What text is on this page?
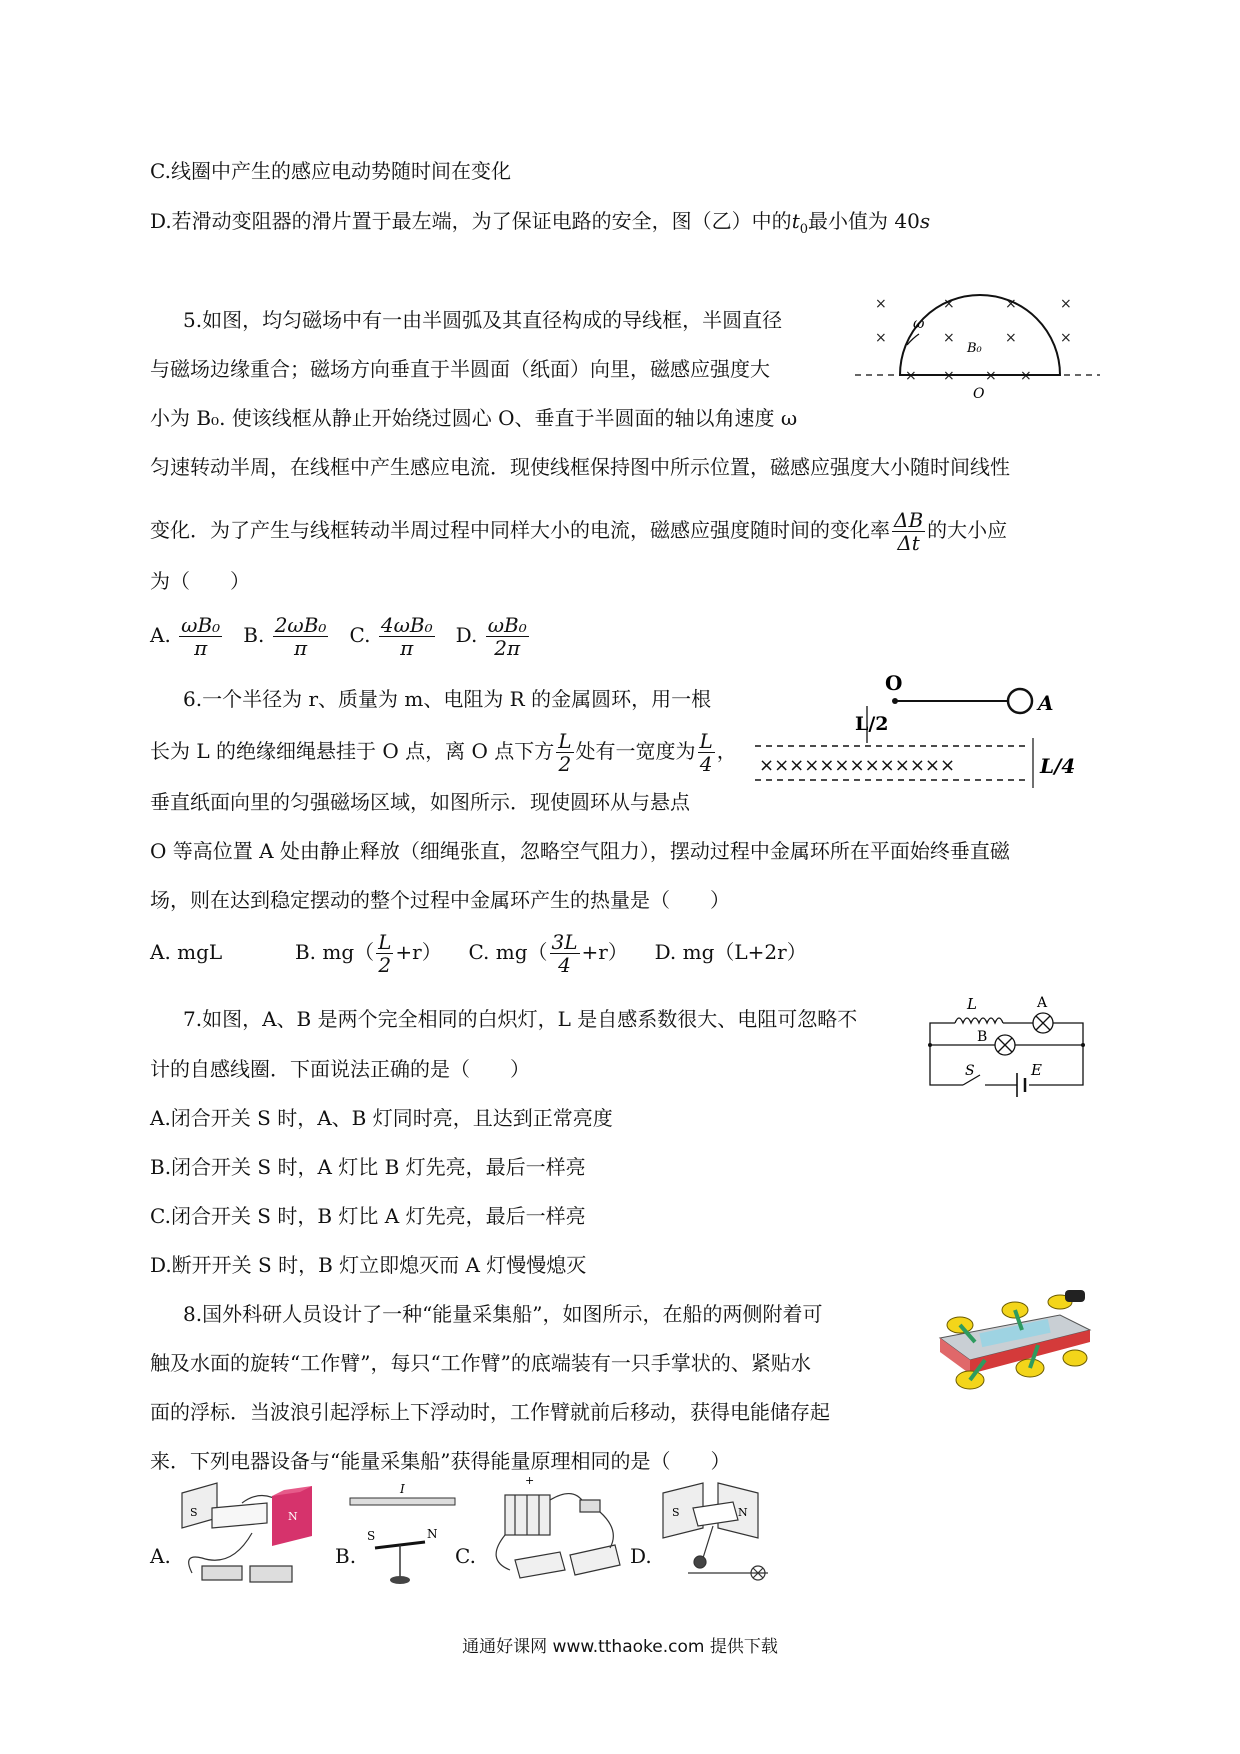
C.线圈中产生的感应电动势随时间在变化
D.若滑动变阻器的滑片置于最左端，为了保证电路的安全，图（乙）中的$t_0$最小值为 40s
5.如图，均匀磁场中有一由半圆弧及其直径构成的导线框，半圆直径
与磁场边缘重合；磁场方向垂直于半圆面（纸面）向里，磁感应强度大
小为 B₀. 使该线框从静止开始绕过圆心 O、垂直于半圆面的轴以角速度 ω
匀速转动半周，在线框中产生感应电流．现使线框保持图中所示位置，磁感应强度大小随时间线性
变化．为了产生与线框转动半周过程中同样大小的电流，磁感应强度随时间的变化率 $\frac{\Delta B}{\Delta t}$ 的大小应
为（　　）
A. $\frac{\text{ωB₀}}{\pi} B$. $\frac{\text{2ωB₀}}{\pi} C$. $\frac{\text{4ωB₀}}{\pi} D$. $\frac{\text{ωB₀}}{2\pi}$
×	×	×	×
×	×	×	×
× × × ×
ω
B₀
O
6.一个半径为 r、质量为 m、电阻为 R 的金属圆环，用一根
长为 L 的绝缘细绳悬挂于 O 点，离 O 点下方 $\frac{L}{2}$ 处有一宽度为 $\frac{L}{4}$ ，
垂直纸面向里的匀强磁场区域，如图所示．现使圆环从与悬点
O 等高位置 A 处由静止释放（细绳张直，忽略空气阻力），摆动过程中金属环所在平面始终垂直磁
场，则在达到稳定摆动的整个过程中金属环产生的热量是（　　）
A. mgL	B. $mg( \frac{L}{2} +r)$ C. $mg( \frac{3L}{4} +r)$ D. mg（L+2r）
O
A
L/2
×××××××××××××	L/4
7.如图，A、B 是两个完全相同的白炽灯，L 是自感系数很大、电阻可忽略不
计的自感线圈．下面说法正确的是（　　）
A.闭合开关 S 时，A、B 灯同时亮，且达到正常亮度
B.闭合开关 S 时，A 灯比 B 灯先亮，最后一样亮
C.闭合开关 S 时，B 灯比 A 灯先亮，最后一样亮
D.断开开关 S 时，B 灯立即熄灭而 A 灯慢慢熄灭
L	A
B
S	E
8.国外科研人员设计了一种“能量采集船”，如图所示，在船的两侧附着可
触及水面的旋转“工作臂”，每只“工作臂”的底端装有一只手掌状的、紧贴水
面的浮标．当波浪引起浮标上下浮动时，工作臂就前后移动，获得电能储存起
来．下列电器设备与“能量采集船”获得能量原理相同的是（　　）
A.
S	N
B.
I
S	N
C.
+
D.
S	N
通通好课网 www.tthaoke.com 提供下载
